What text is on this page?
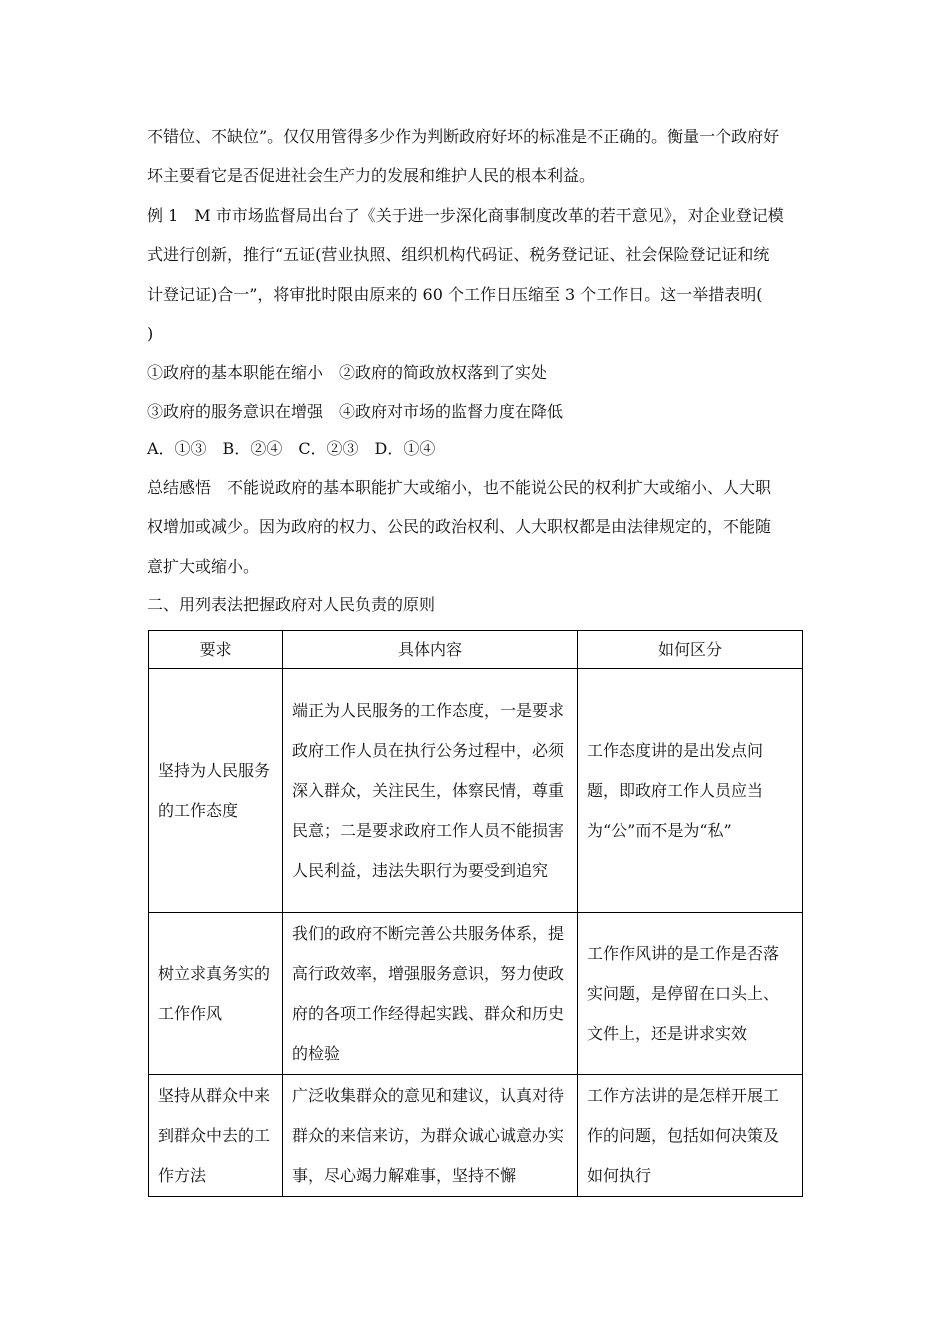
不错位、不缺位”。仅仅用管得多少作为判断政府好坏的标准是不正确的。衡量一个政府好
坏主要看它是否促进社会生产力的发展和维护人民的根本利益。
例 1　M 市市场监督局出台了《关于进一步深化商事制度改革的若干意见》，对企业登记模
式进行创新，推行“五证(营业执照、组织机构代码证、税务登记证、社会保险登记证和统
计登记证)合一”，将审批时限由原来的 60 个工作日压缩至 3 个工作日。这一举措表明(
)
①政府的基本职能在缩小　②政府的简政放权落到了实处
③政府的服务意识在增强　④政府对市场的监督力度在降低
A．①③　B．②④　C．②③　D．①④
总结感悟　不能说政府的基本职能扩大或缩小，也不能说公民的权利扩大或缩小、人大职
权增加或减少。因为政府的权力、公民的政治权利、人大职权都是由法律规定的，不能随
意扩大或缩小。
二、用列表法把握政府对人民负责的原则
要求	具体内容	如何区分

坚持为人民服务的工作态度	端正为人民服务的工作态度，一是要求政府工作人员在执行公务过程中，必须深入群众，关注民生，体察民情，尊重民意；二是要求政府工作人员不能损害人民利益，违法失职行为要受到追究	工作态度讲的是出发点问题，即政府工作人员应当为“公”而不是为“私”

树立求真务实的工作作风	我们的政府不断完善公共服务体系，提高行政效率，增强服务意识，努力使政府的各项工作经得起实践、群众和历史的检验	工作作风讲的是工作是否落实问题，是停留在口头上、文件上，还是讲求实效

坚持从群众中来到群众中去的工作方法	广泛收集群众的意见和建议，认真对待群众的来信来访，为群众诚心诚意办实事，尽心竭力解难事，坚持不懈	工作方法讲的是怎样开展工作的问题，包括如何决策及如何执行
